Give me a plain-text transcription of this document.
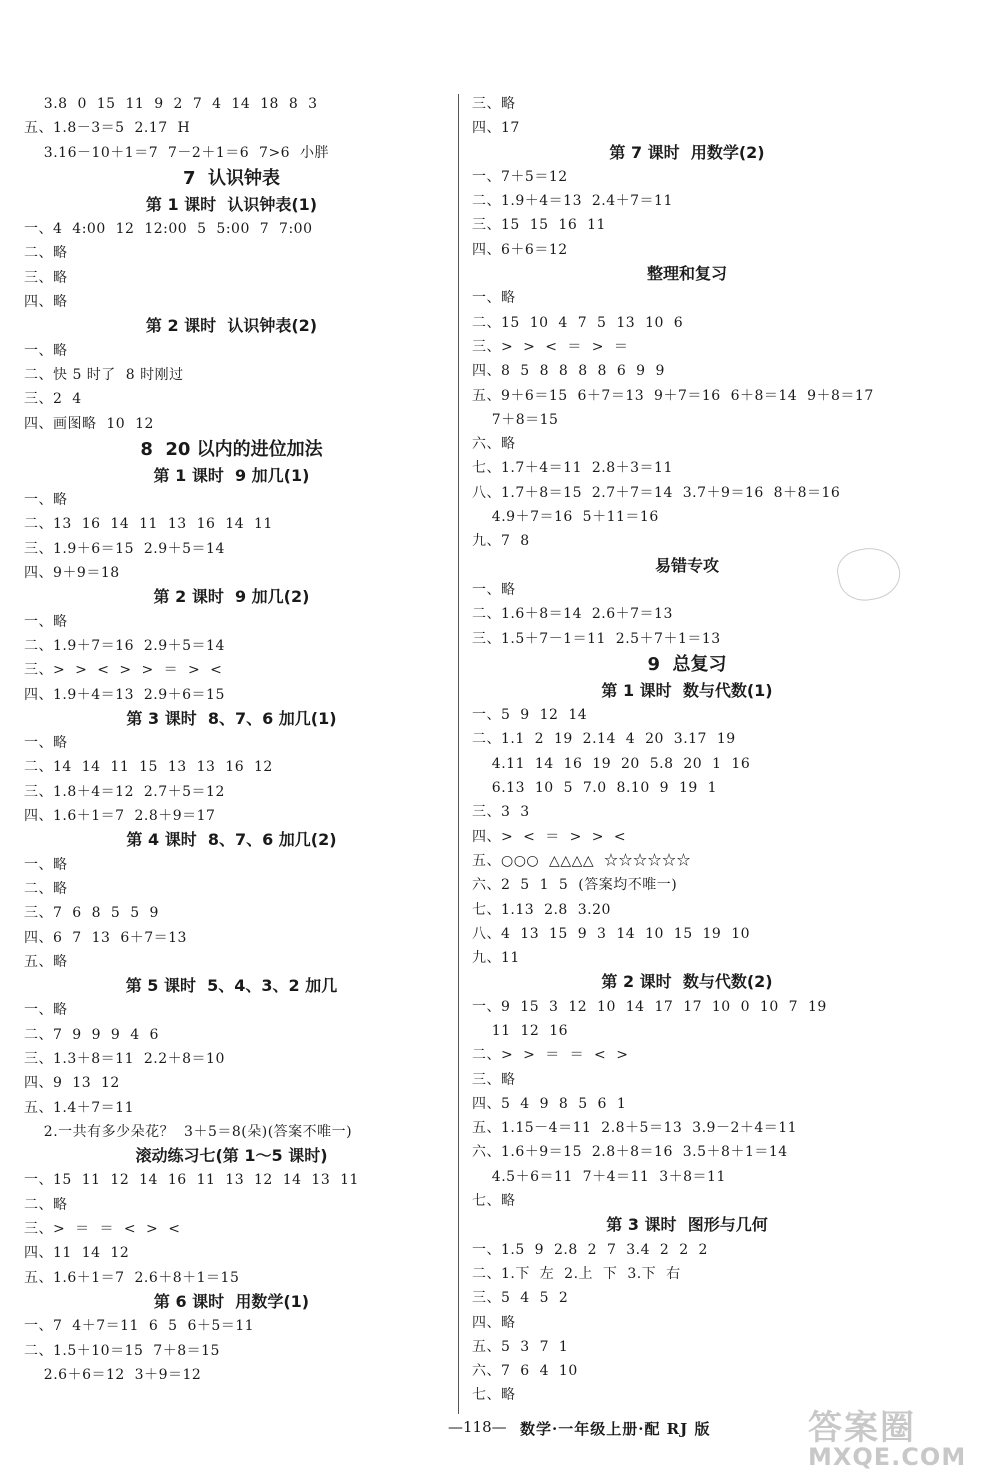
3.8  0  15  11  9  2  7  4  14  18  8  3
五、1.8－3＝5  2.17  H
3.16－10＋1＝7  7－2＋1＝6  7>6  小胖
7  认识钟表
第 1 课时  认识钟表(1)
一、4  4:00  12  12:00  5  5:00  7  7:00
二、略
三、略
四、略
第 2 课时  认识钟表(2)
一、略
二、快 5 时了  8 时刚过
三、2  4
四、画图略  10  12
8  20 以内的进位加法
第 1 课时  9 加几(1)
一、略
二、13  16  14  11  13  16  14  11
三、1.9＋6＝15  2.9＋5＝14
四、9＋9＝18
第 2 课时  9 加几(2)
一、略
二、1.9＋7＝16  2.9＋5＝14
三、>  >  <  >  >  ＝  >  <
四、1.9＋4＝13  2.9＋6＝15
第 3 课时  8、7、6 加几(1)
一、略
二、14  14  11  15  13  13  16  12
三、1.8＋4＝12  2.7＋5＝12
四、1.6＋1＝7  2.8＋9＝17
第 4 课时  8、7、6 加几(2)
一、略
二、略
三、7  6  8  5  5  9
四、6  7  13  6＋7＝13
五、略
第 5 课时  5、4、3、2 加几
一、略
二、7  9  9  9  4  6
三、1.3＋8＝11  2.2＋8＝10
四、9  13  12
五、1.4＋7＝11
2.一共有多少朵花？  3＋5＝8(朵)(答案不唯一)
滚动练习七(第 1～5 课时)
一、15  11  12  14  16  11  13  12  14  13  11
二、略
三、>  ＝  ＝  <  >  <
四、11  14  12
五、1.6＋1＝7  2.6＋8＋1＝15
第 6 课时  用数学(1)
一、7  4＋7＝11  6  5  6＋5＝11
二、1.5＋10＝15  7＋8＝15
2.6＋6＝12  3＋9＝12
三、略
四、17
第 7 课时  用数学(2)
一、7＋5＝12
二、1.9＋4＝13  2.4＋7＝11
三、15  15  16  11
四、6＋6＝12
整理和复习
一、略
二、15  10  4  7  5  13  10  6
三、>  >  <  ＝  >  ＝
四、8  5  8  8  8  8  6  9  9
五、9＋6＝15  6＋7＝13  9＋7＝16  6＋8＝14  9＋8＝17
7＋8＝15
六、略
七、1.7＋4＝11  2.8＋3＝11
八、1.7＋8＝15  2.7＋7＝14  3.7＋9＝16  8＋8＝16
4.9＋7＝16  5＋11＝16
九、7  8
易错专攻
一、略
二、1.6＋8＝14  2.6＋7＝13
三、1.5＋7－1＝11  2.5＋7＋1＝13
9  总复习
第 1 课时  数与代数(1)
一、5  9  12  14
二、1.1  2  19  2.14  4  20  3.17  19
4.11  14  16  19  20  5.8  20  1  16
6.13  10  5  7.0  8.10  9  19  1
三、3  3
四、>  <  ＝  >  >  <
五、○○○  △△△△  ☆☆☆☆☆☆
六、2  5  1  5  (答案均不唯一)
七、1.13  2.8  3.20
八、4  13  15  9  3  14  10  15  19  10
九、11
第 2 课时  数与代数(2)
一、9  15  3  12  10  14  17  17  10  0  10  7  19
11  12  16
二、>  >  ＝  ＝  <  >
三、略
四、5  4  9  8  5  6  1
五、1.15－4＝11  2.8＋5＝13  3.9－2＋4＝11
六、1.6＋9＝15  2.8＋8＝16  3.5＋8＋1＝14
4.5＋6＝11  7＋4＝11  3＋8＝11
七、略
第 3 课时  图形与几何
一、1.5  9  2.8  2  7  3.4  2  2  2
二、1.下  左  2.上  下  3.下  右
三、5  4  5  2
四、略
五、5  3  7  1
六、7  6  4  10
七、略
—118— 数学·一年级上册·配 RJ 版	答案圈
MXQE.COM
